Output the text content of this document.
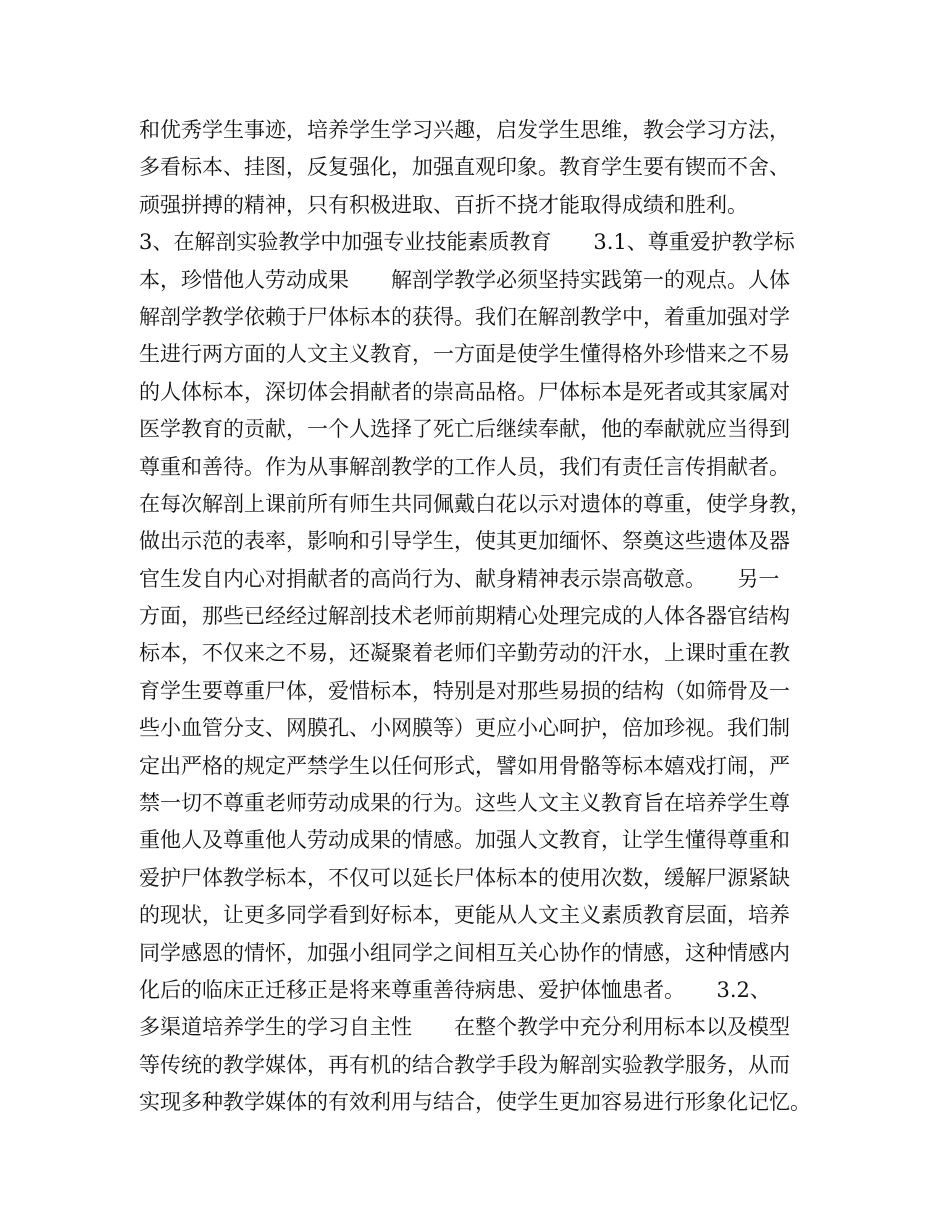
和优秀学生事迹，培养学生学习兴趣，启发学生思维，教会学习方法，
多看标本、挂图，反复强化，加强直观印象。教育学生要有锲而不舍、
顽强拼搏的精神，只有积极进取、百折不挠才能取得成绩和胜利。
3、在解剖实验教学中加强专业技能素质教育　　3.1、尊重爱护教学标
本，珍惜他人劳动成果　　解剖学教学必须坚持实践第一的观点。人体
解剖学教学依赖于尸体标本的获得。我们在解剖教学中，着重加强对学
生进行两方面的人文主义教育，一方面是使学生懂得格外珍惜来之不易
的人体标本，深切体会捐献者的崇高品格。尸体标本是死者或其家属对
医学教育的贡献，一个人选择了死亡后继续奉献，他的奉献就应当得到
尊重和善待。作为从事解剖教学的工作人员，我们有责任言传捐献者。
在每次解剖上课前所有师生共同佩戴白花以示对遗体的尊重，使学身教，
做出示范的表率，影响和引导学生，使其更加缅怀、祭奠这些遗体及器
官生发自内心对捐献者的高尚行为、献身精神表示崇高敬意。　　另一
方面，那些已经经过解剖技术老师前期精心处理完成的人体各器官结构
标本，不仅来之不易，还凝聚着老师们辛勤劳动的汗水，上课时重在教
育学生要尊重尸体，爱惜标本，特别是对那些易损的结构（如筛骨及一
些小血管分支、网膜孔、小网膜等）更应小心呵护，倍加珍视。我们制
定出严格的规定严禁学生以任何形式，譬如用骨骼等标本嬉戏打闹，严
禁一切不尊重老师劳动成果的行为。这些人文主义教育旨在培养学生尊
重他人及尊重他人劳动成果的情感。加强人文教育，让学生懂得尊重和
爱护尸体教学标本，不仅可以延长尸体标本的使用次数，缓解尸源紧缺
的现状，让更多同学看到好标本，更能从人文主义素质教育层面，培养
同学感恩的情怀，加强小组同学之间相互关心协作的情感，这种情感内
化后的临床正迁移正是将来尊重善待病患、爱护体恤患者。　　3.2、
多渠道培养学生的学习自主性　　在整个教学中充分利用标本以及模型
等传统的教学媒体，再有机的结合教学手段为解剖实验教学服务，从而
实现多种教学媒体的有效利用与结合，使学生更加容易进行形象化记忆。
